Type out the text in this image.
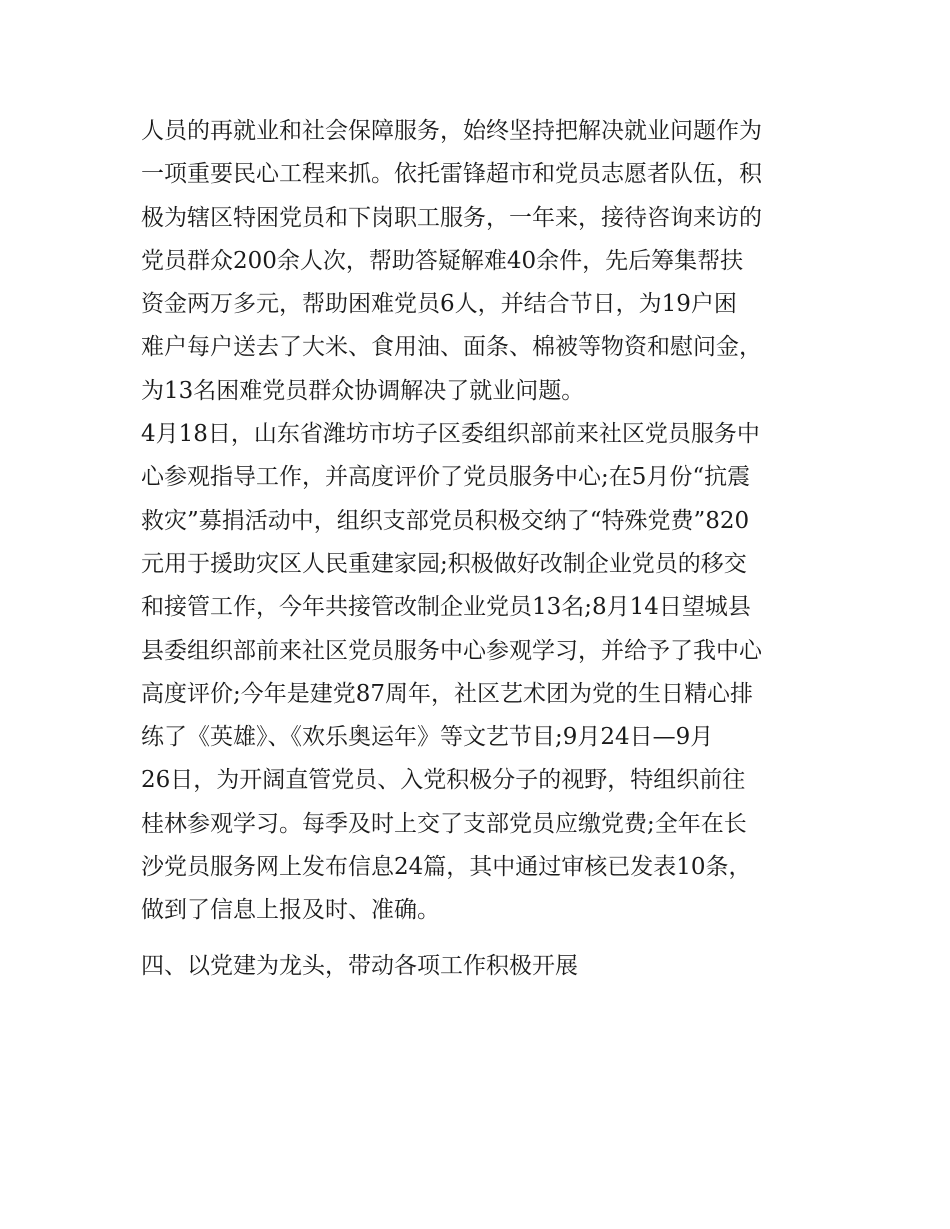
人员的再就业和社会保障服务，始终坚持把解决就业问题作为
一项重要民心工程来抓。依托雷锋超市和党员志愿者队伍，积
极为辖区特困党员和下岗职工服务，一年来，接待咨询来访的
党员群众200余人次，帮助答疑解难40余件，先后筹集帮扶
资金两万多元，帮助困难党员6人，并结合节日，为19户困
难户每户送去了大米、食用油、面条、棉被等物资和慰问金，
为13名困难党员群众协调解决了就业问题。
4月18日，山东省潍坊市坊子区委组织部前来社区党员服务中
心参观指导工作，并高度评价了党员服务中心;在5月份“抗震
救灾”募捐活动中，组织支部党员积极交纳了“特殊党费”820
元用于援助灾区人民重建家园;积极做好改制企业党员的移交
和接管工作，今年共接管改制企业党员13名;8月14日望城县
县委组织部前来社区党员服务中心参观学习，并给予了我中心
高度评价;今年是建党87周年，社区艺术团为党的生日精心排
练了《英雄》、《欢乐奥运年》等文艺节目;9月24日—9月
26日，为开阔直管党员、入党积极分子的视野，特组织前往
桂林参观学习。每季及时上交了支部党员应缴党费;全年在长
沙党员服务网上发布信息24篇，其中通过审核已发表10条，
做到了信息上报及时、准确。
四、以党建为龙头，带动各项工作积极开展
